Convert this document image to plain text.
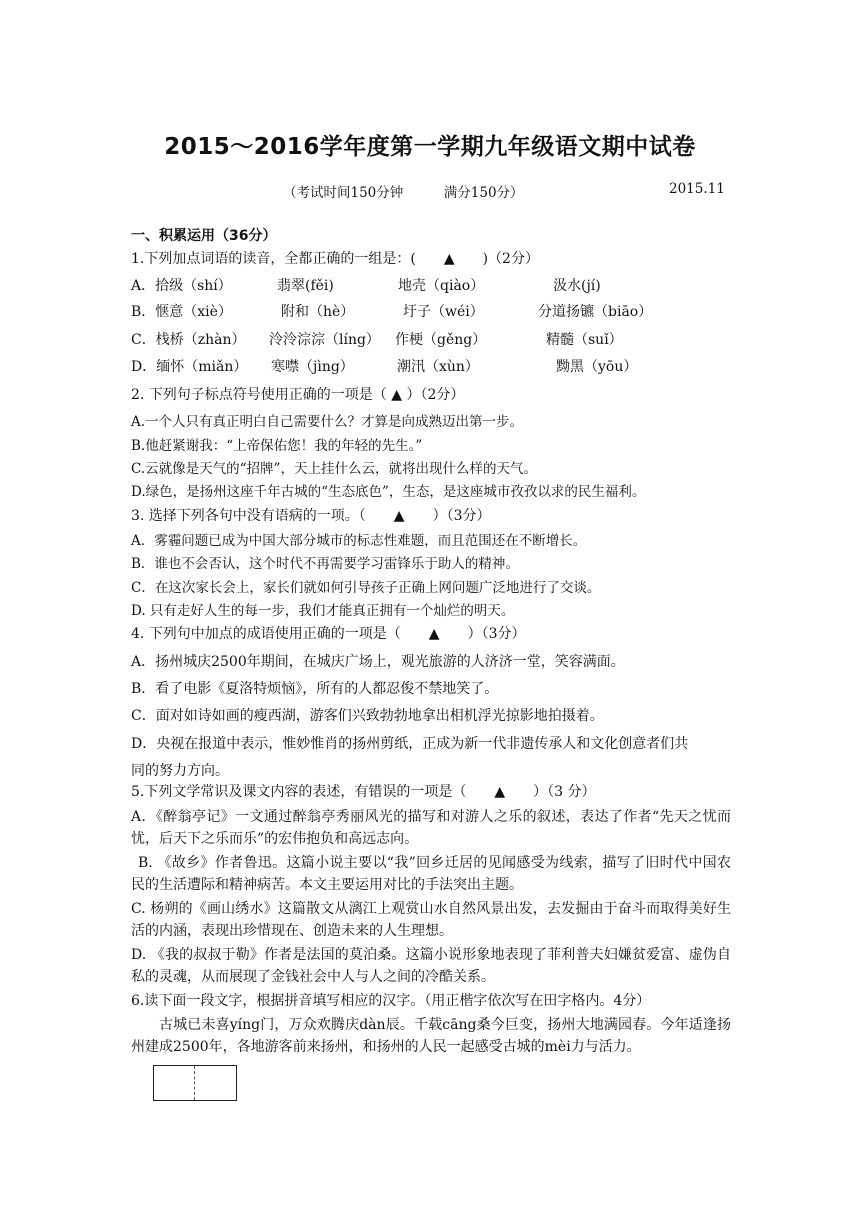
2015～2016学年度第一学期九年级语文期中试卷
（考试时间150分钟　　　满分150分）	2015.11
一、积累运用（36分）
1.下列加点词语的读音，全都正确的一组是：(　　▲　　)（2分）
A．拾级（shí）	翡翠(fěi)	地壳（qiào）	汲水(jí)
B．惬意（xiè）	附和（hè）	圩子（wéi）	分道扬镳（biāo）
C．栈桥（zhàn） 泠泠淙淙（líng） 作梗（gěng）	精髓（suǐ）
D．缅怀（miǎn） 寒噤（jìng）	潮汛（xùn）	黝黑（yōu）
2. 下列句子标点符号使用正确的一项是（ ▲ ）（2分）
A.一个人只有真正明白自己需要什么？才算是向成熟迈出第一步。
B.他赶紧谢我：“上帝保佑您！我的年轻的先生。”
C.云就像是天气的“招牌”，天上挂什么云，就将出现什么样的天气。
D.绿色，是扬州这座千年古城的“生态底色”，生态，是这座城市孜孜以求的民生福利。
3. 选择下列各句中没有语病的一项。（　　▲　　）（3分）
A．雾霾问题已成为中国大部分城市的标志性难题，而且范围还在不断增长。
B．谁也不会否认，这个时代不再需要学习雷锋乐于助人的精神。
C．在这次家长会上，家长们就如何引导孩子正确上网问题广泛地进行了交谈。
D. 只有走好人生的每一步，我们才能真正拥有一个灿烂的明天。
4. 下列句中加点的成语使用正确的一项是（　　▲　　）（3分）
A．扬州城庆2500年期间，在城庆广场上，观光旅游的人济济一堂，笑容满面。
B．看了电影《夏洛特烦恼》，所有的人都忍俊不禁地笑了。
C．面对如诗如画的瘦西湖，游客们兴致勃勃地拿出相机浮光掠影地拍摄着。
D．央视在报道中表示，惟妙惟肖的扬州剪纸，正成为新一代非遗传承人和文化创意者们共
同的努力方向。
5.下列文学常识及课文内容的表述，有错误的一项是（　　▲　　）（3 分）
A．《醉翁亭记》一文通过醉翁亭秀丽风光的描写和对游人之乐的叙述，表达了作者“先天之忧而忧，后天下之乐而乐”的宏伟抱负和高远志向。
B. 《故乡》作者鲁迅。这篇小说主要以“我”回乡迁居的见闻感受为线索，描写了旧时代中国农民的生活遭际和精神病苦。本文主要运用对比的手法突出主题。
C. 杨朔的《画山绣水》这篇散文从漓江上观赏山水自然风景出发，去发掘由于奋斗而取得美好生活的内涵，表现出珍惜现在、创造未来的人生理想。
D. 《我的叔叔于勒》作者是法国的莫泊桑。这篇小说形象地表现了菲利普夫妇嫌贫爱富、虚伪自私的灵魂，从而展现了金钱社会中人与人之间的冷酷关系。
6.读下面一段文字，根据拼音填写相应的汉字。（用正楷字依次写在田字格内。4分）
古城已未喜yíng门，万众欢腾庆dàn辰。千载cāng桑今巨变，扬州大地满园春。今年适逢扬州建成2500年，各地游客前来扬州，和扬州的人民一起感受古城的mèi力与活力。
